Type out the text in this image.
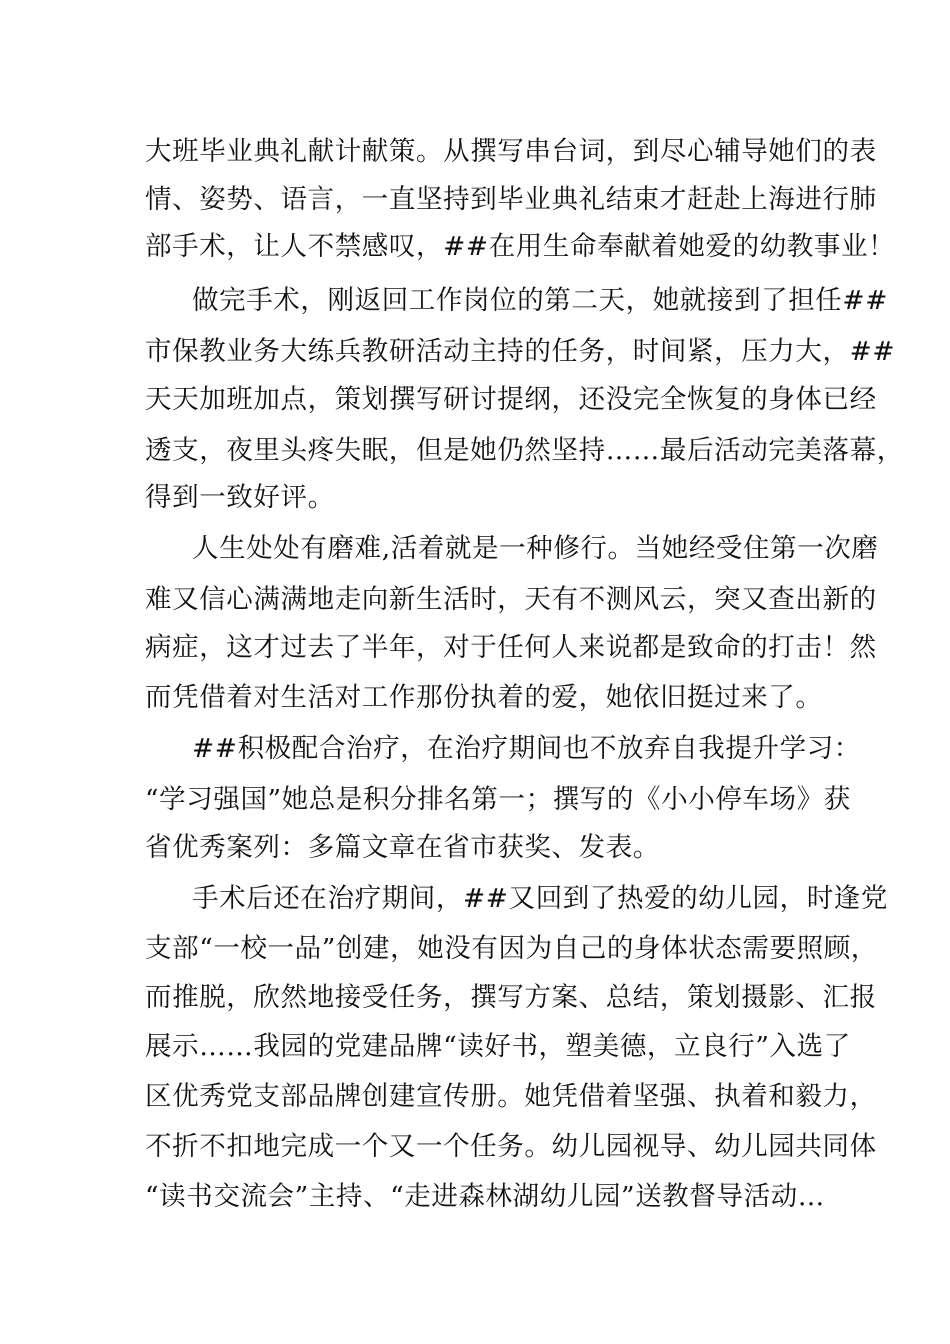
大班毕业典礼献计献策。从撰写串台词，到尽心辅导她们的表
情、姿势、语言，一直坚持到毕业典礼结束才赶赴上海进行肺
部手术，让人不禁感叹，##在用生命奉献着她爱的幼教事业！
做完手术，刚返回工作岗位的第二天，她就接到了担任##
市保教业务大练兵教研活动主持的任务，时间紧，压力大，##
天天加班加点，策划撰写研讨提纲，还没完全恢复的身体已经
透支，夜里头疼失眠，但是她仍然坚持……最后活动完美落幕，
得到一致好评。
人生处处有磨难,活着就是一种修行。当她经受住第一次磨
难又信心满满地走向新生活时，天有不测风云，突又查出新的
病症，这才过去了半年，对于任何人来说都是致命的打击！然
而凭借着对生活对工作那份执着的爱，她依旧挺过来了。
##积极配合治疗，在治疗期间也不放弃自我提升学习：
“学习强国”她总是积分排名第一；撰写的《小小停车场》获
省优秀案列：多篇文章在省市获奖、发表。
手术后还在治疗期间，##又回到了热爱的幼儿园，时逢党
支部“一校一品”创建，她没有因为自己的身体状态需要照顾，
而推脱，欣然地接受任务，撰写方案、总结，策划摄影、汇报
展示……我园的党建品牌“读好书，塑美德，立良行”入选了
区优秀党支部品牌创建宣传册。她凭借着坚强、执着和毅力，
不折不扣地完成一个又一个任务。幼儿园视导、幼儿园共同体
“读书交流会”主持、“走进森林湖幼儿园”送教督导活动…
